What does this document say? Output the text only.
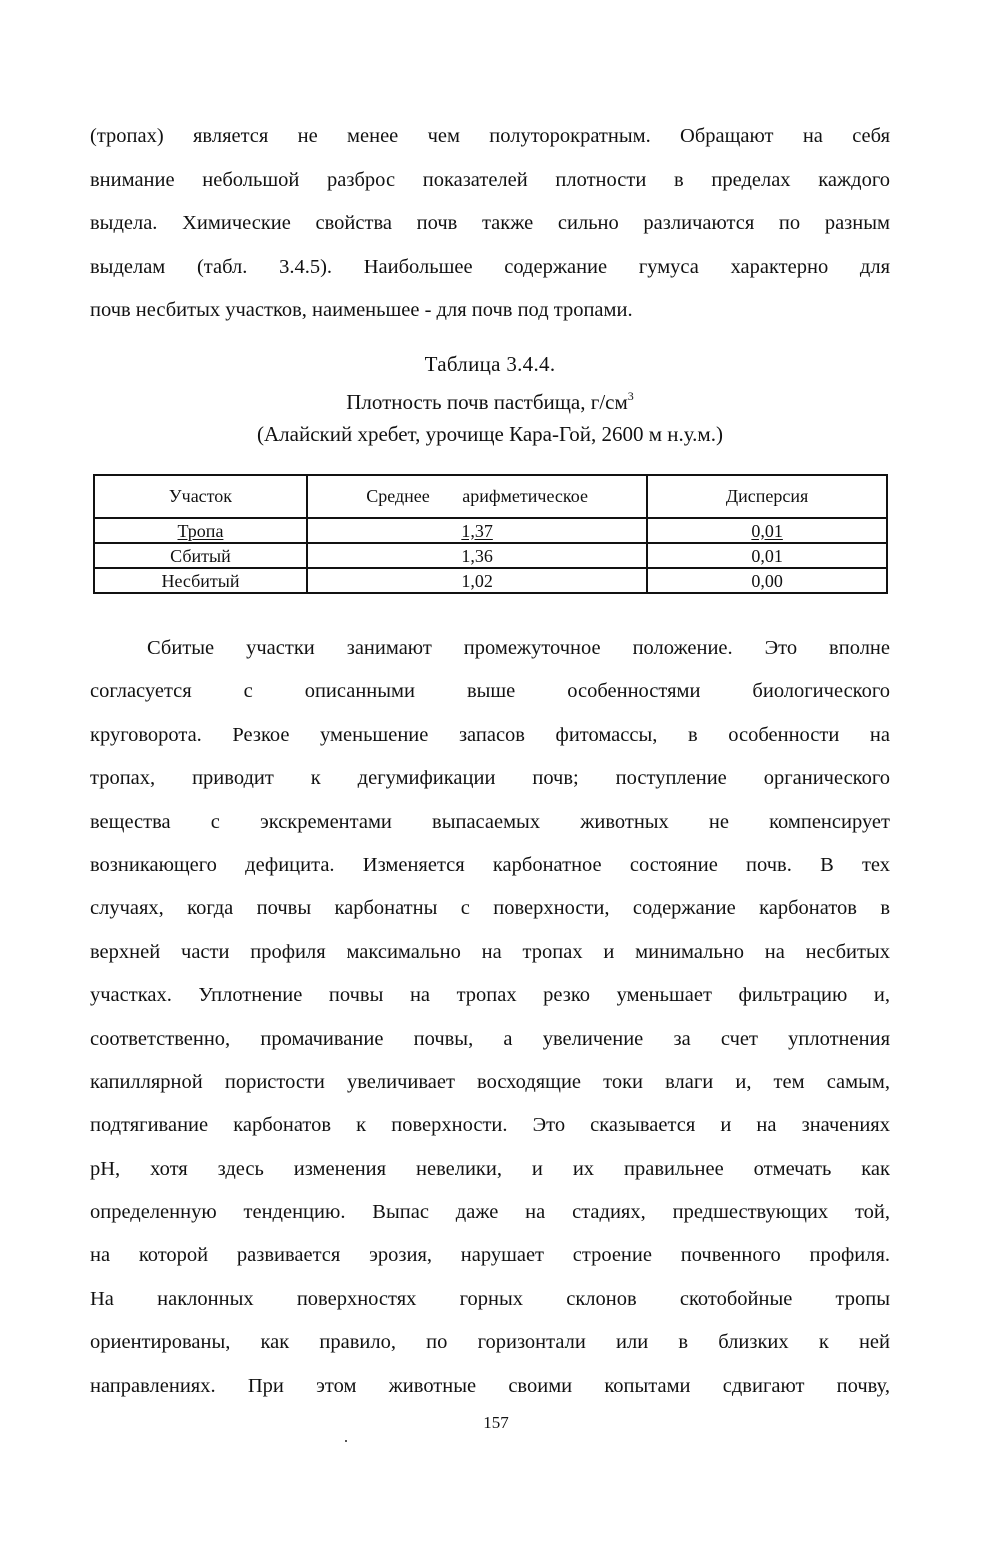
(тропах) является не менее чем полуторократным. Обращают на себя
внимание небольшой разброс показателей плотности в пределах каждого
выдела. Химические свойства почв также сильно различаются по разным
выделам (табл. 3.4.5). Наибольшее содержание гумуса характерно для
почв несбитых участков, наименьшее - для почв под тропами.

Таблица 3.4.4.

Плотность почв пастбища, $г/см^3$

(Алайский хребет, урочище Кара-Гой, 2600 м н.у.м.)

Участок	Среднее арифметическое	Дисперсия
Тропа	1,37	0,01
Сбитый	1,36	0,01
Несбитый	1,02	0,00
Сбитые участки занимают промежуточное положение. Это вполне
согласуется с описанными выше особенностями биологического
круговорота. Резкое уменьшение запасов фитомассы, в особенности на
тропах, приводит к дегумификации почв; поступление органического
вещества с экскрементами выпасаемых животных не компенсирует
возникающего дефицита. Изменяется карбонатное состояние почв. В тех
случаях, когда почвы карбонатны с поверхности, содержание карбонатов в
верхней части профиля максимально на тропах и минимально на несбитых
участках. Уплотнение почвы на тропах резко уменьшает фильтрацию и,
соответственно, промачивание почвы, а увеличение за счет уплотнения
капиллярной пористости увеличивает восходящие токи влаги и, тем самым,
подтягивание карбонатов к поверхности. Это сказывается и на значениях
pH, хотя здесь изменения невелики, и их правильнее отмечать как
определенную тенденцию. Выпас даже на стадиях, предшествующих той,
на которой развивается эрозия, нарушает строение почвенного профиля.
На наклонных поверхностях горных склонов скотобойные тропы
ориентированы, как правило, по горизонтали или в близких к ней
направлениях. При этом животные своими копытами сдвигают почву,

157
